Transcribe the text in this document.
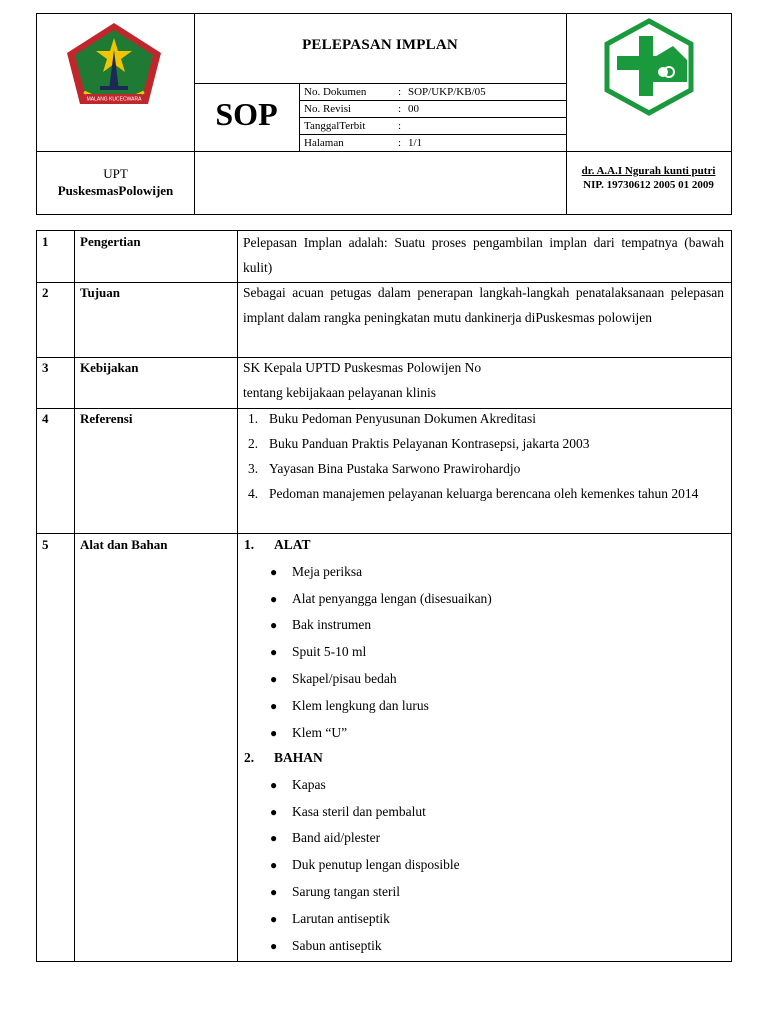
MALANG KUCECWARA
PELEPASAN IMPLAN
SOP
No. Dokumen	: SOP/UKP/KB/05
No. Revisi	: 00
TanggalTerbit	:
Halaman	: 1/1
UPT
PuskesmasPolowijen
dr. A.A.I Ngurah kunti putri
NIP. 19730612 2005 01 2009
1 Pengertian	Pelepasan Implan adalah: Suatu proses pengambilan implan dari tempatnya (bawah kulit)
2 Tujuan	Sebagai acuan petugas dalam penerapan langkah-langkah penatalaksanaan pelepasan implant dalam rangka peningkatan mutu dankinerja diPuskesmas polowijen
3 Kebijakan	SK Kepala UPTD Puskesmas Polowijen No

tentang kebijakaan pelayanan klinis

4 Referensi	1. Buku Pedoman Penyusunan Dokumen Akreditasi
2. Buku Panduan Praktis Pelayanan Kontrasepsi, jakarta 2003
3. Yayasan Bina Pustaka Sarwono Prawirohardjo
4. Pedoman manajemen pelayanan keluarga berencana oleh kemenkes tahun 2014
5 Alat dan Bahan	1. ALAT
● Meja periksa
● Alat penyangga lengan (disesuaikan)
● Bak instrumen
● Spuit 5-10 ml
● Skapel/pisau bedah
● Klem lengkung dan lurus
● Klem “U”
2. BAHAN
● Kapas
● Kasa steril dan pembalut
● Band aid/plester
● Duk penutup lengan disposible
● Sarung tangan steril
● Larutan antiseptik
● Sabun antiseptik
